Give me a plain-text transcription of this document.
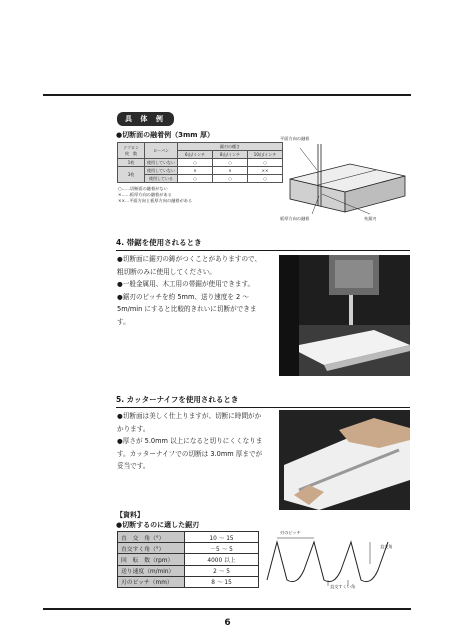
具 体 例
●切断面の融着例（3mm 厚）
ソフロン
枚　数	ローパン	鋸刃の種さ		
		6山/インチ	8山/インチ	10山/インチ
1枚	使用していない	○	○	○
3枚	使用していない	×	×	××
	使用している	○	○	○
○……切断面の融着がない
×……板厚方向の融着がある
××…平面方向と板厚方向の融着がある
平面方向の融着
板厚方向の融着	糸鋸刃
4. 帯鋸を使用されるとき
●切断面に鋸刃の鋳がつくことがありますので、粗切断のみに使用してください。
●一般金属用、木工用の帯鋸が使用できます。
●鋸刃のピッチを約 5mm、送り速度を 2 ～ 5m/min にすると比較的きれいに切断ができます。
5. カッターナイフを使用されるとき
●切断面は美しく仕上りますが、切断に時間がかかります。
●厚さが 5.0mm 以上になると切りにくくなります。カッターナイフでの切断は 3.0mm 厚までが妥当です。
【資料】
●切断するのに適した鋸刃
直　交　角（°）	10 ～ 15
直交すく角（°）	－5 ～ 5
回　転　数（rpm）	4000 以上
送り速度（m/min）	2 ～ 5
刃のピッチ（mm）	8 ～ 15
刃のピッチ
直交角
直交すくい角
6
